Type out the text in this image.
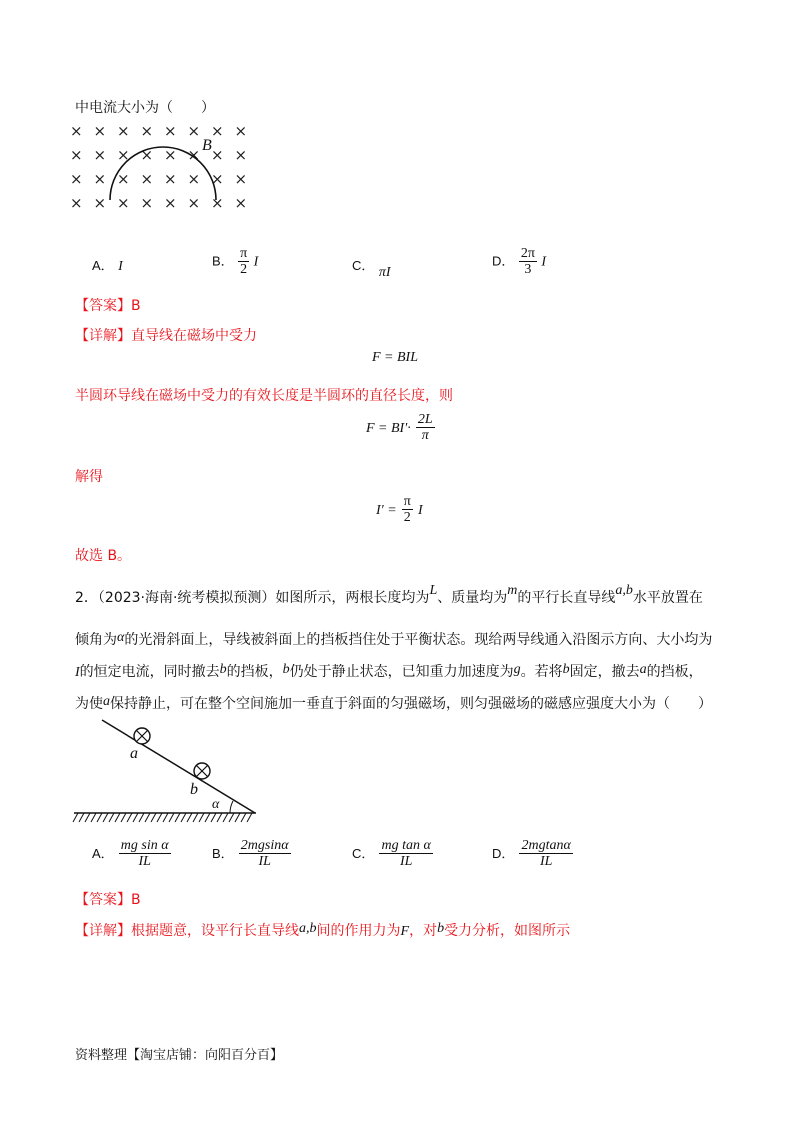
中电流大小为（　　）
× × × × × × × ×
× × × × × × × ×
× × × × × × × ×
× × × × × × × ×
B
A． I	B． $\frac{\pi}{2}$ I	C． πI
D． $\frac{2\pi}{3}$ I
【答案】B
【详解】直导线在磁场中受力
F = BIL
半圆环导线在磁场中受力的有效长度是半圆环的直径长度，则
$F = BI'\cdot \frac{2L}{\pi}$
解得
$I' = \frac{\pi}{2}$ I
故选 B。
2．（2023·海南·统考模拟预测）如图所示，两根长度均为L、质量均为m的平行长直导线a,b水平放置在
倾角为α的光滑斜面上，导线被斜面上的挡板挡住处于平衡状态。现给两导线通入沿图示方向、大小均为
I的恒定电流，同时撤去b的挡板，b仍处于静止状态，已知重力加速度为g。若将b固定，撤去a的挡板，
为使a保持静止，可在整个空间施加一垂直于斜面的匀强磁场，则匀强磁场的磁感应强度大小为（　　）
a
b
α
A． $\frac{\text{mg sin α}}{IL}$	B． $\frac{2mgsin\alpha}{IL}$	C． $\frac{\text{mg tan α}}{IL}$	D． $\frac{2mgtan\alpha}{IL}$
【答案】B
【详解】根据题意，设平行长直导线a,b间的作用力为F，对b受力分析，如图所示
资料整理【淘宝店铺：向阳百分百】
